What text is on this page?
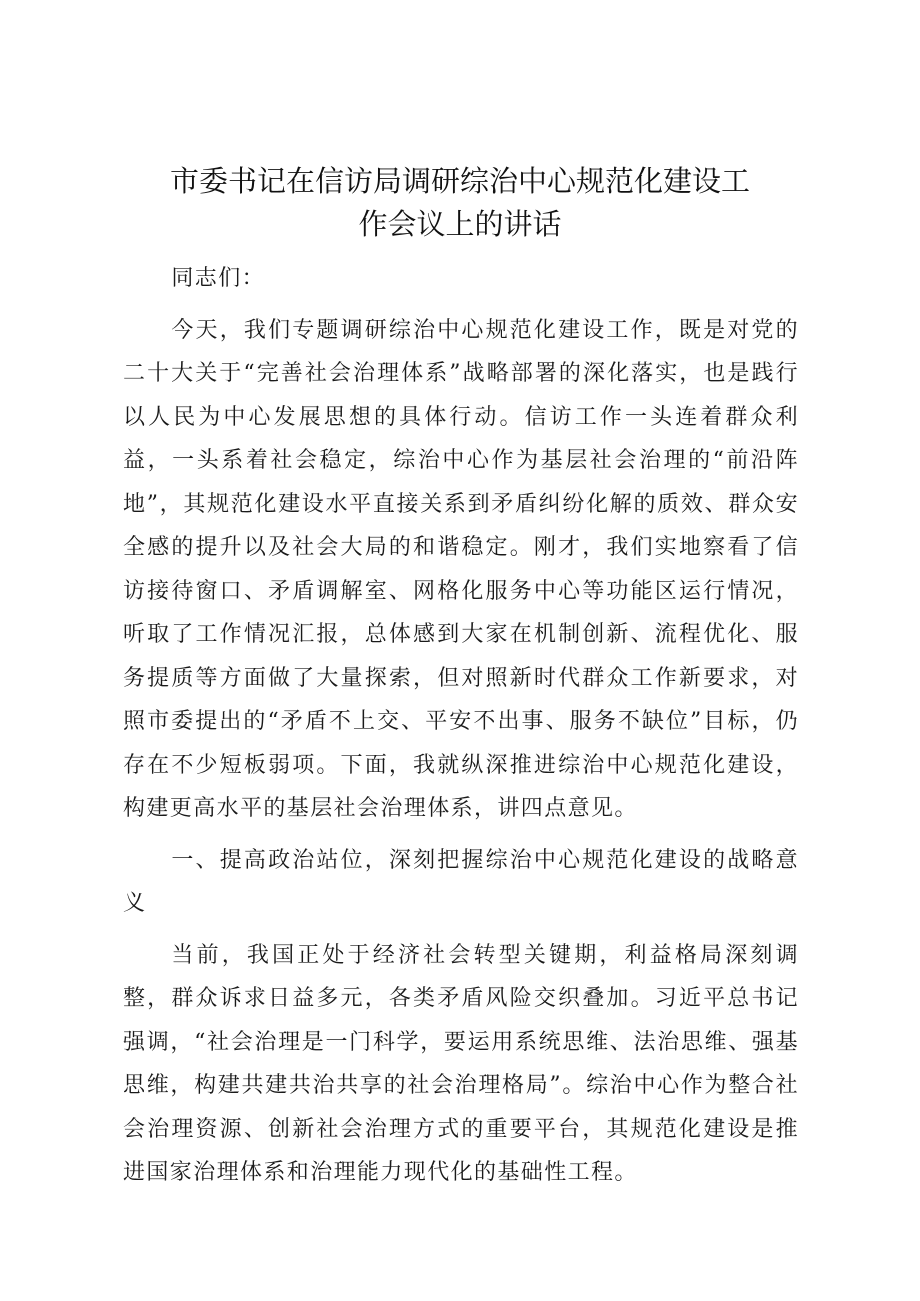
市委书记在信访局调研综治中心规范化建设工
作会议上的讲话

同志们：

今天，我们专题调研综治中心规范化建设工作，既是对党的二十大关于“完善社会治理体系”战略部署的深化落实，也是践行以人民为中心发展思想的具体行动。信访工作一头连着群众利益，一头系着社会稳定，综治中心作为基层社会治理的“前沿阵地”，其规范化建设水平直接关系到矛盾纠纷化解的质效、群众安全感的提升以及社会大局的和谐稳定。刚才，我们实地察看了信访接待窗口、矛盾调解室、网格化服务中心等功能区运行情况，听取了工作情况汇报，总体感到大家在机制创新、流程优化、服务提质等方面做了大量探索，但对照新时代群众工作新要求，对照市委提出的“矛盾不上交、平安不出事、服务不缺位”目标，仍存在不少短板弱项。下面，我就纵深推进综治中心规范化建设，构建更高水平的基层社会治理体系，讲四点意见。

一、提高政治站位，深刻把握综治中心规范化建设的战略意义

当前，我国正处于经济社会转型关键期，利益格局深刻调整，群众诉求日益多元，各类矛盾风险交织叠加。习近平总书记强调，“社会治理是一门科学，要运用系统思维、法治思维、强基思维，构建共建共治共享的社会治理格局”。综治中心作为整合社会治理资源、创新社会治理方式的重要平台，其规范化建设是推进国家治理体系和治理能力现代化的基础性工程。
